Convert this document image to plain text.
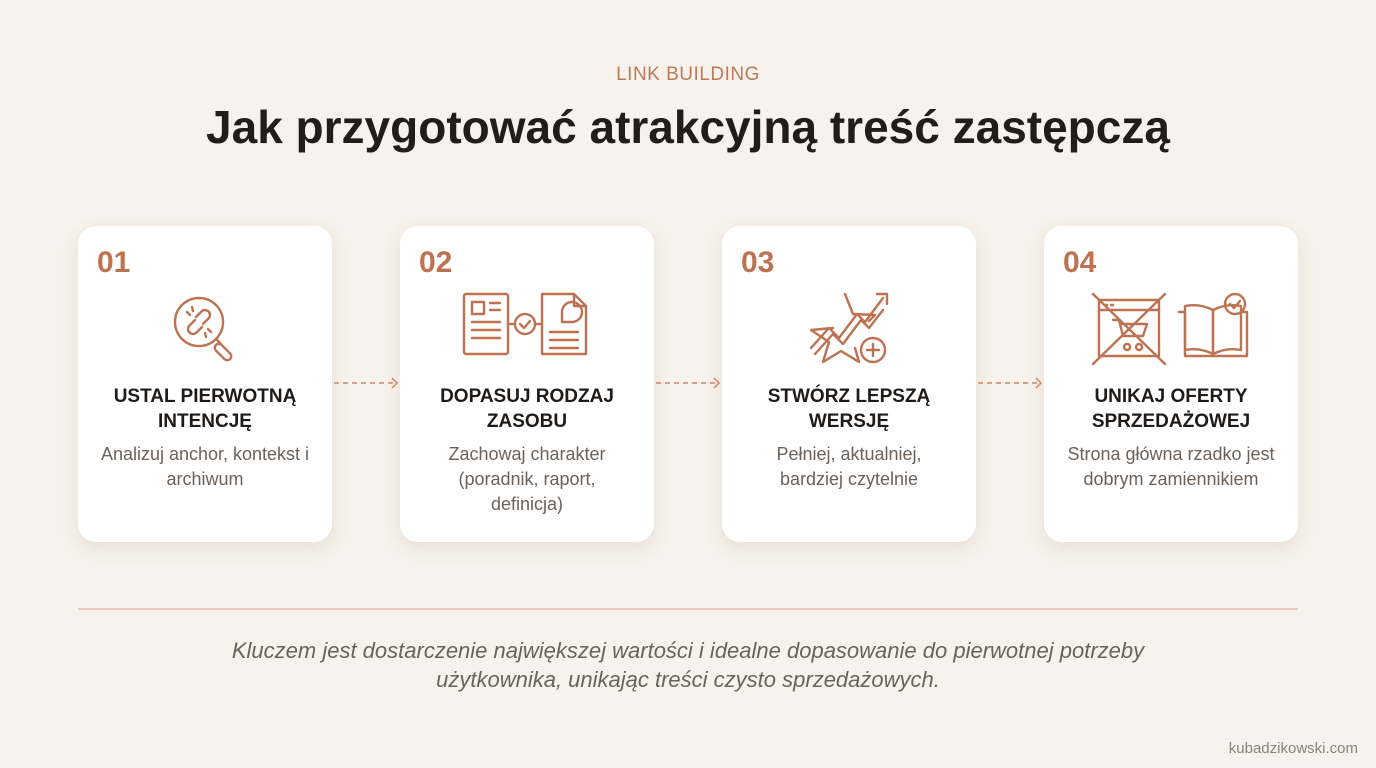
LINK BUILDING
Jak przygotować atrakcyjną treść zastępczą
01
USTAL PIERWOTNĄ INTENCJĘ
Analizuj anchor, kontekst i archiwum
02
DOPASUJ RODZAJ ZASOBU
Zachowaj charakter (poradnik, raport, definicja)
03
STWÓRZ LEPSZĄ WERSJĘ
Pełniej, aktualniej, bardziej czytelnie
04
UNIKAJ OFERTY SPRZEDAŻOWEJ
Strona główna rzadko jest dobrym zamiennikiem

Kluczem jest dostarczenie największej wartości i idealne dopasowanie do pierwotnej potrzeby użytkownika, unikając treści czysto sprzedażowych.

kubadzikowski.com
